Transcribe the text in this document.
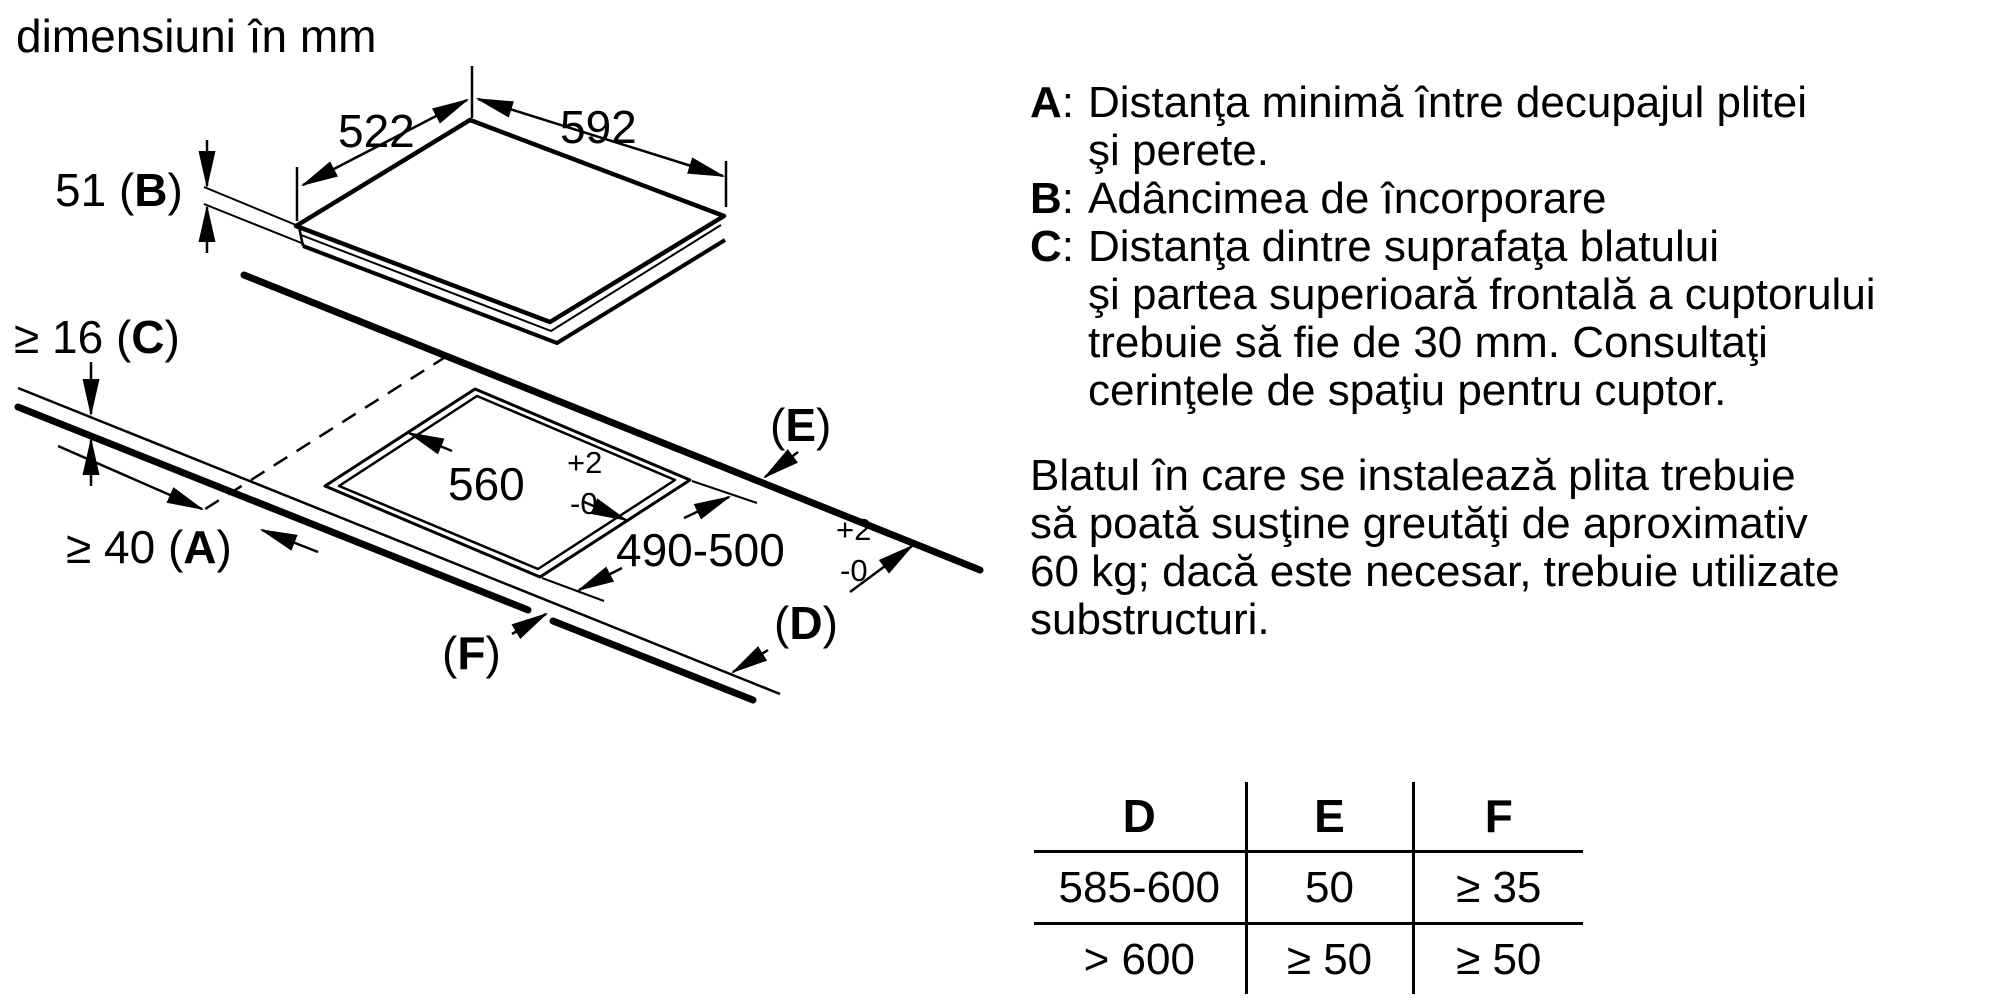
dimensiuni în mm
522	592
51 (B)
≥ 16 (C)
≥ 40 (A)
560 +2
-0
490-500 +2
-0
(E)
(D)
(F)
A: Distanţa minimă între decupajul plitei
şi perete.
B: Adâncimea de încorporare
C: Distanţa dintre suprafaţa blatului
şi partea superioară frontală a cuptorului
trebuie să fie de 30 mm. Consultaţi
cerinţele de spaţiu pentru cuptor.
Blatul în care se instalează plita trebuie
să poată susţine greutăţi de aproximativ
60 kg; dacă este necesar, trebuie utilizate
substructuri.
D	E	F
585-600	50	≥ 35
> 600	≥ 50	≥ 50
